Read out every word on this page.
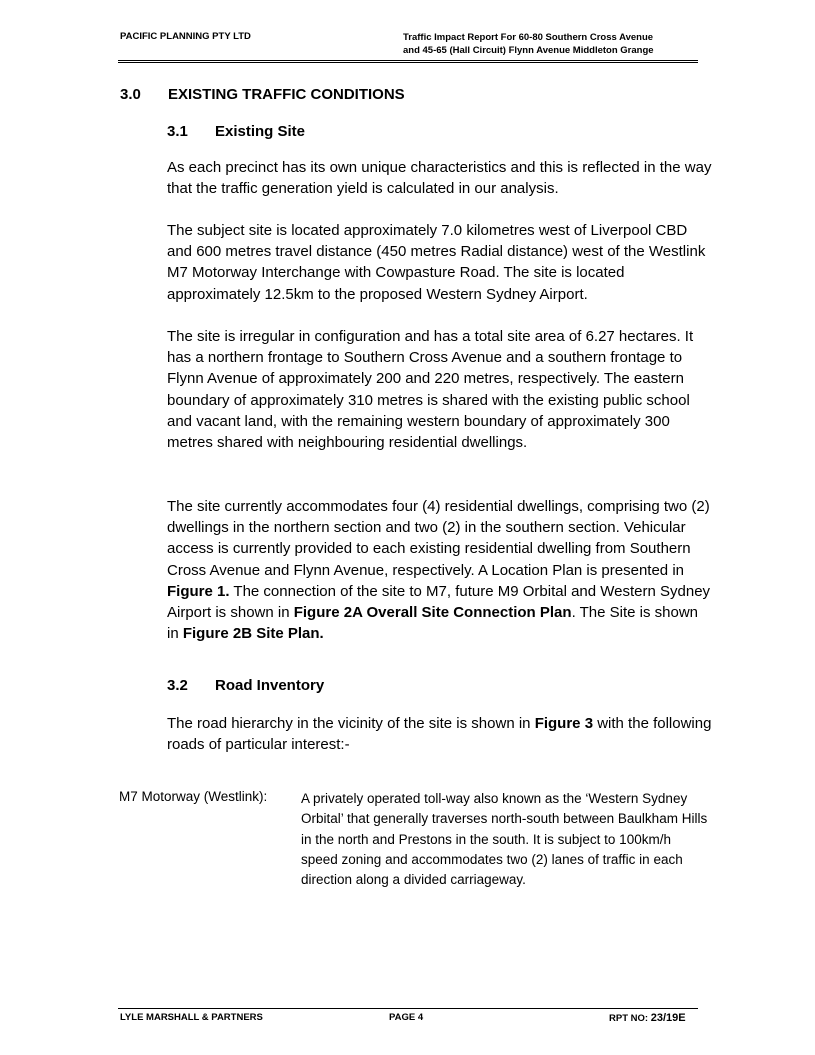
PACIFIC PLANNING PTY LTD	Traffic Impact Report For 60-80 Southern Cross Avenue
and 45-65 (Hall Circuit) Flynn Avenue Middleton Grange
3.0 EXISTING TRAFFIC CONDITIONS
3.1 Existing Site

As each precinct has its own unique characteristics and this is reflected in the way that the traffic generation yield is calculated in our analysis.

The subject site is located approximately 7.0 kilometres west of Liverpool CBD and 600 metres travel distance (450 metres Radial distance) west of the Westlink M7 Motorway Interchange with Cowpasture Road. The site is located approximately 12.5km to the proposed Western Sydney Airport.

The site is irregular in configuration and has a total site area of 6.27 hectares. It has a northern frontage to Southern Cross Avenue and a southern frontage to Flynn Avenue of approximately 200 and 220 metres, respectively. The eastern boundary of approximately 310 metres is shared with the existing public school and vacant land, with the remaining western boundary of approximately 300 metres shared with neighbouring residential dwellings.

The site currently accommodates four (4) residential dwellings, comprising two (2) dwellings in the northern section and two (2) in the southern section. Vehicular access is currently provided to each existing residential dwelling from Southern Cross Avenue and Flynn Avenue, respectively. A Location Plan is presented in Figure 1. The connection of the site to M7, future M9 Orbital and Western Sydney Airport is shown in Figure 2A Overall Site Connection Plan. The Site is shown in Figure 2B Site Plan.

3.2 Road Inventory

The road hierarchy in the vicinity of the site is shown in Figure 3 with the following roads of particular interest:-

M7 Motorway (Westlink): A privately operated toll-way also known as the ‘Western Sydney Orbital’ that generally traverses north-south between Baulkham Hills in the north and Prestons in the south. It is subject to 100km/h speed zoning and accommodates two (2) lanes of traffic in each direction along a divided carriageway.

LYLE MARSHALL & PARTNERS	PAGE 4	RPT NO: 23/19E
